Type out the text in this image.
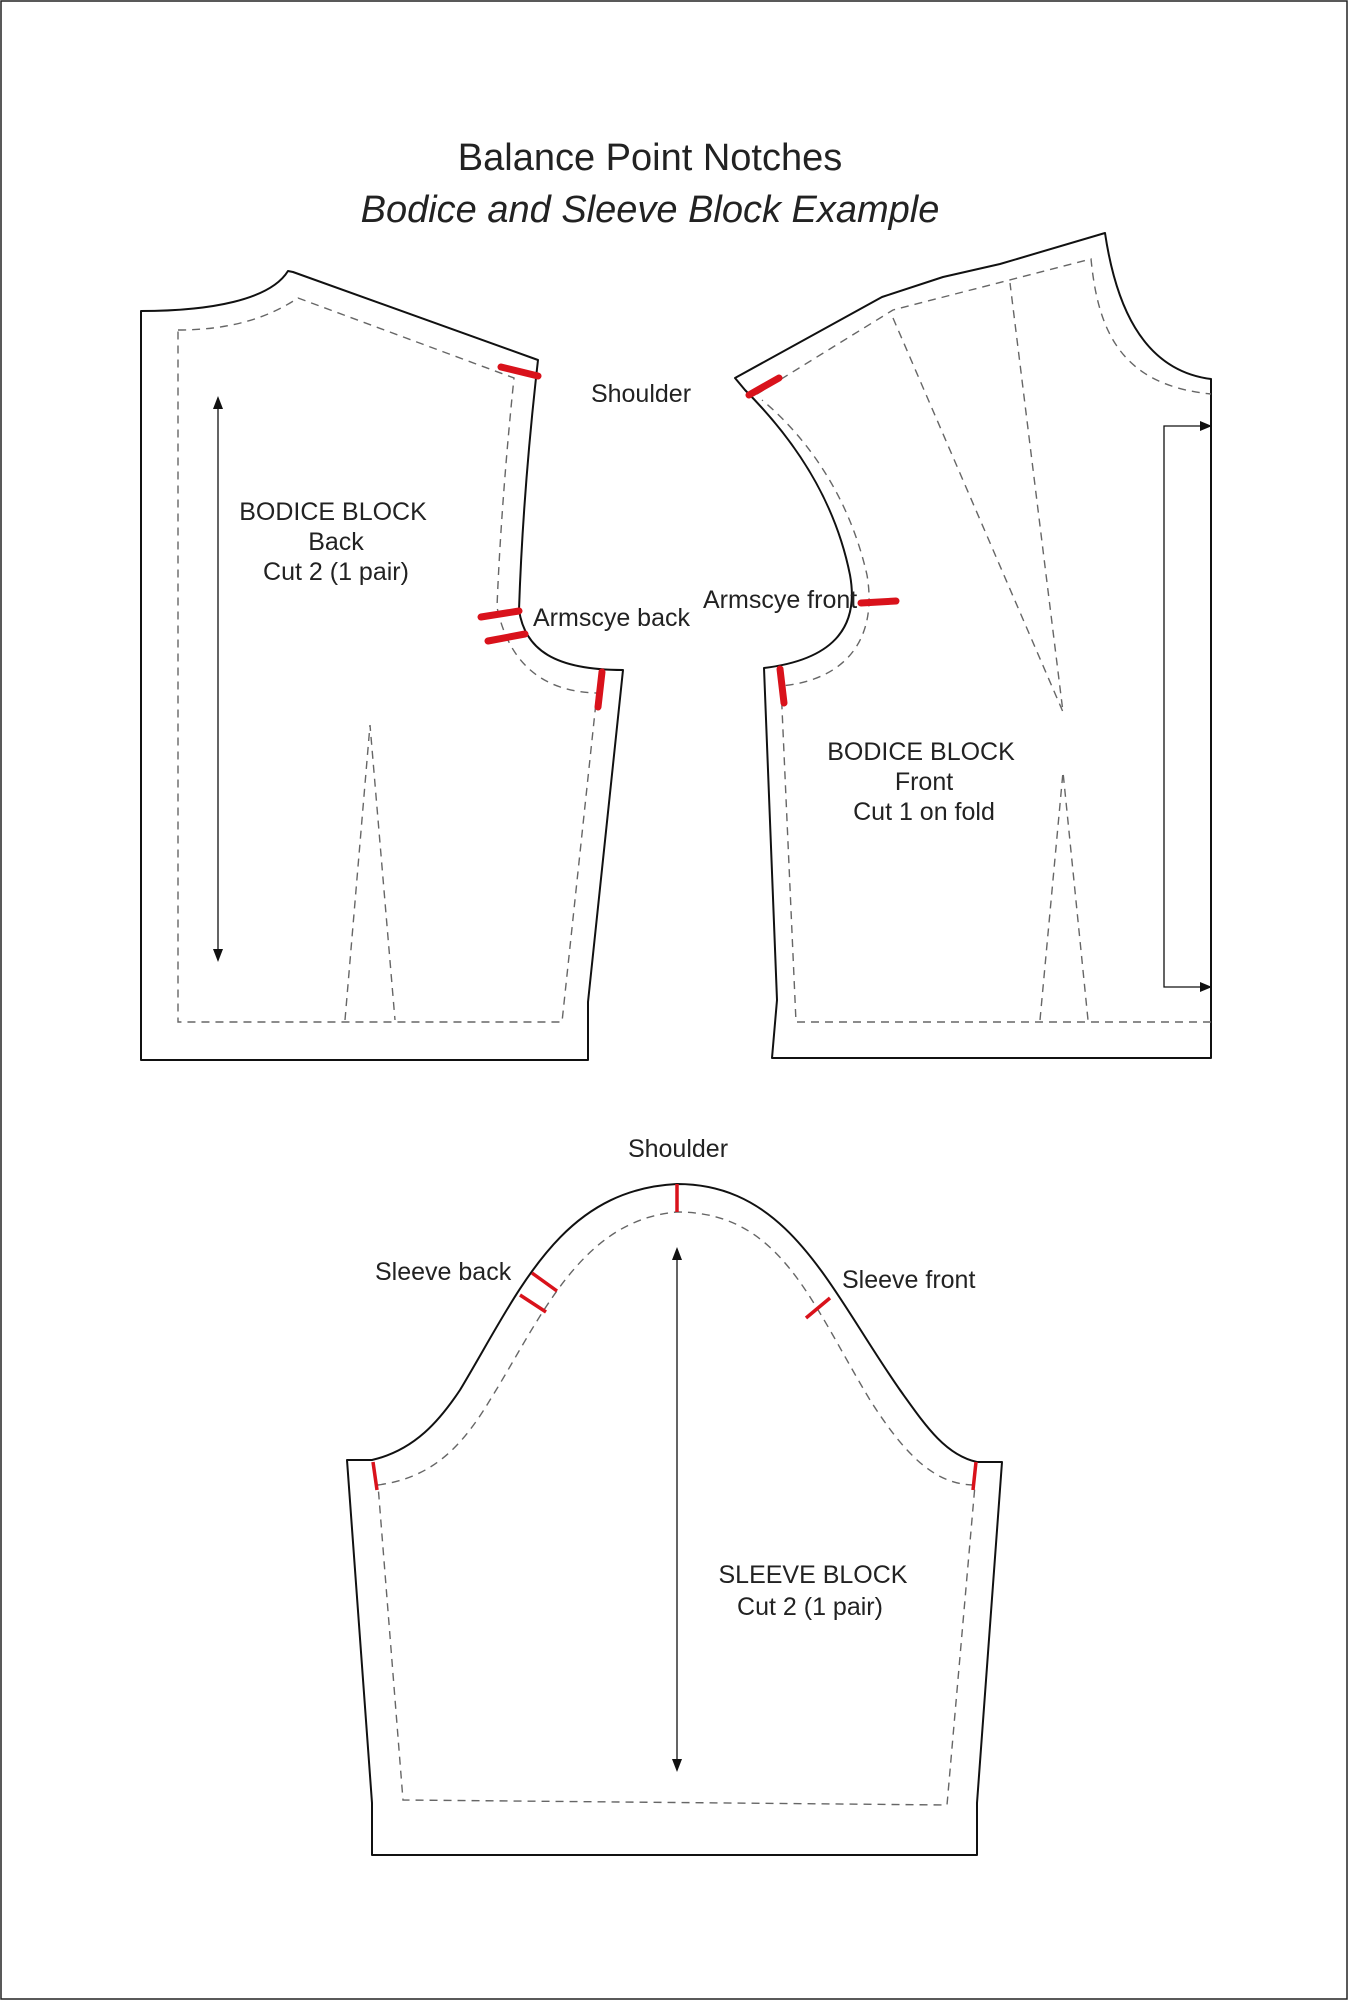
Balance Point Notches
Bodice and Sleeve Block Example
BODICE BLOCK
Back
Cut 2 (1 pair)
BODICE BLOCK
Front
Cut 1 on fold
Shoulder
Armscye back
Armscye front
SLEEVE BLOCK
Cut 2 (1 pair)
Shoulder
Sleeve back	Sleeve front
